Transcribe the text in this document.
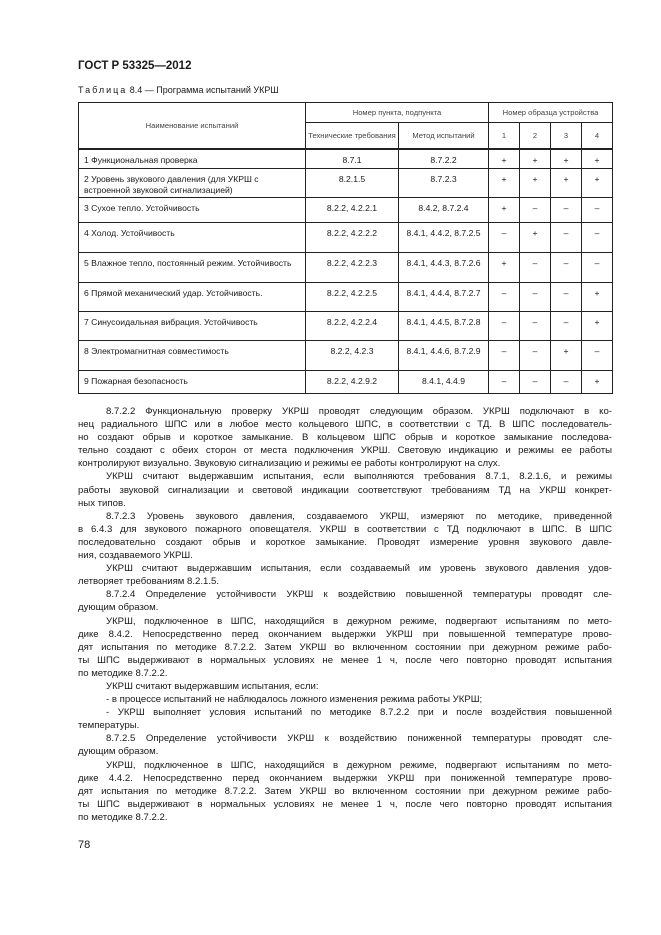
ГОСТ Р 53325—2012
Таблица 8.4 — Программа испытаний УКРШ
Наименование испытаний	Номер пункта, подпункта		Номер образца устройства			
	Технические требования	Метод испытаний	1	2	3	4
1 Функциональная проверка	8.7.1	8.7.2.2	+	+	+	+
2 Уровень звукового давления (для УКРШ с встроенной звуковой сигнализацией)	8.2.1.5	8.7.2.3	+	+	+	+
3 Сухое тепло. Устойчивость	8.2.2, 4.2.2.1	8.4.2, 8.7.2.4	+	–	–	–
4 Холод. Устойчивость	8.2.2, 4.2.2.2	8.4.1, 4.4.2, 8.7.2.5	–	+	–	–
5 Влажное тепло, постоянный режим. Устойчивость	8.2.2, 4.2.2.3	8.4.1, 4.4.3, 8.7.2.6	+	–	–	–
6 Прямой механический удар. Устойчивость.	8.2.2, 4.2.2.5	8.4.1, 4.4.4, 8.7.2.7	–	–	–	+
7 Синусоидальная вибрация. Устойчивость	8.2.2, 4.2.2.4	8.4.1, 4.4.5, 8.7.2.8	–	–	–	+
8 Электромагнитная совместимость	8.2.2, 4.2.3	8.4.1, 4.4.6, 8.7.2.9	–	–	+	–
9 Пожарная безопасность	8.2.2, 4.2.9.2	8.4.1, 4.4.9	–	–	–	+
8.7.2.2 Функциональную проверку УКРШ проводят следующим образом. УКРШ подключают в ко-
нец радиального ШПС или в любое место кольцевого ШПС, в соответствии с ТД. В ШПС последователь-
но создают обрыв и короткое замыкание. В кольцевом ШПС обрыв и короткое замыкание последова-
тельно создают с обеих сторон от места подключения УКРШ. Световую индикацию и режимы ее работы
контролируют визуально. Звуковую сигнализацию и режимы ее работы контролируют на слух.
УКРШ считают выдержавшим испытания, если выполняются требования 8.7.1, 8.2.1.6, и режимы
работы звуковой сигнализации и световой индикации соответствуют требованиям ТД на УКРШ конкрет-
ных типов.
8.7.2.3 Уровень звукового давления, создаваемого УКРШ, измеряют по методике, приведенной
в 6.4.3 для звукового пожарного оповещателя. УКРШ в соответствии с ТД подключают в ШПС. В ШПС
последовательно создают обрыв и короткое замыкание. Проводят измерение уровня звукового давле-
ния, создаваемого УКРШ.
УКРШ считают выдержавшим испытания, если создаваемый им уровень звукового давления удов-
летворяет требованиям 8.2.1.5.
8.7.2.4 Определение устойчивости УКРШ к воздействию повышенной температуры проводят сле-
дующим образом.
УКРШ, подключенное в ШПС, находящийся в дежурном режиме, подвергают испытаниям по мето-
дике 8.4.2. Непосредственно перед окончанием выдержки УКРШ при повышенной температуре прово-
дят испытания по методике 8.7.2.2. Затем УКРШ во включенном состоянии при дежурном режиме рабо-
ты ШПС выдерживают в нормальных условиях не менее 1 ч, после чего повторно проводят испытания
по методике 8.7.2.2.
УКРШ считают выдержавшим испытания, если:
- в процессе испытаний не наблюдалось ложного изменения режима работы УКРШ;
- УКРШ выполняет условия испытаний по методике 8.7.2.2 при и после воздействия повышенной
температуры.
8.7.2.5 Определение устойчивости УКРШ к воздействию пониженной температуры проводят сле-
дующим образом.
УКРШ, подключенное в ШПС, находящийся в дежурном режиме, подвергают испытаниям по мето-
дике 4.4.2. Непосредственно перед окончанием выдержки УКРШ при пониженной температуре прово-
дят испытания по методике 8.7.2.2. Затем УКРШ во включенном состоянии при дежурном режиме рабо-
ты ШПС выдерживают в нормальных условиях не менее 1 ч, после чего повторно проводят испытания
по методике 8.7.2.2.
78
